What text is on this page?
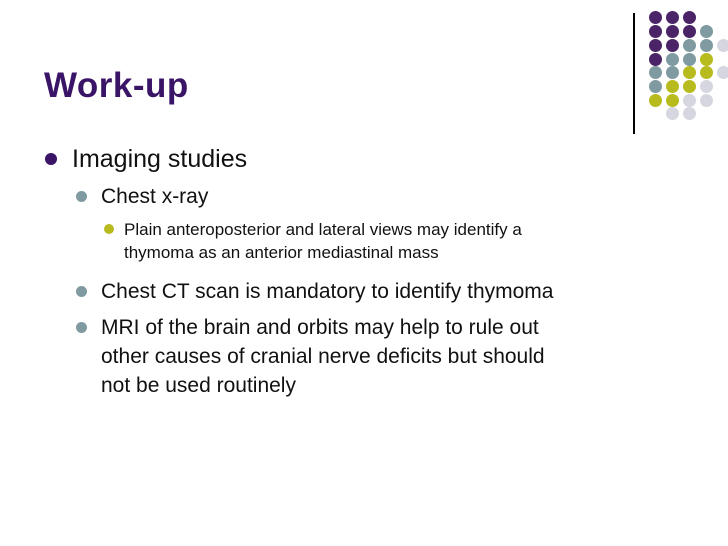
Work-up
Imaging studies
Chest x-ray
Plain anteroposterior and lateral views may identify a
thymoma as an anterior mediastinal mass
Chest CT scan is mandatory to identify thymoma
MRI of the brain and orbits may help to rule out
other causes of cranial nerve deficits but should
not be used routinely
